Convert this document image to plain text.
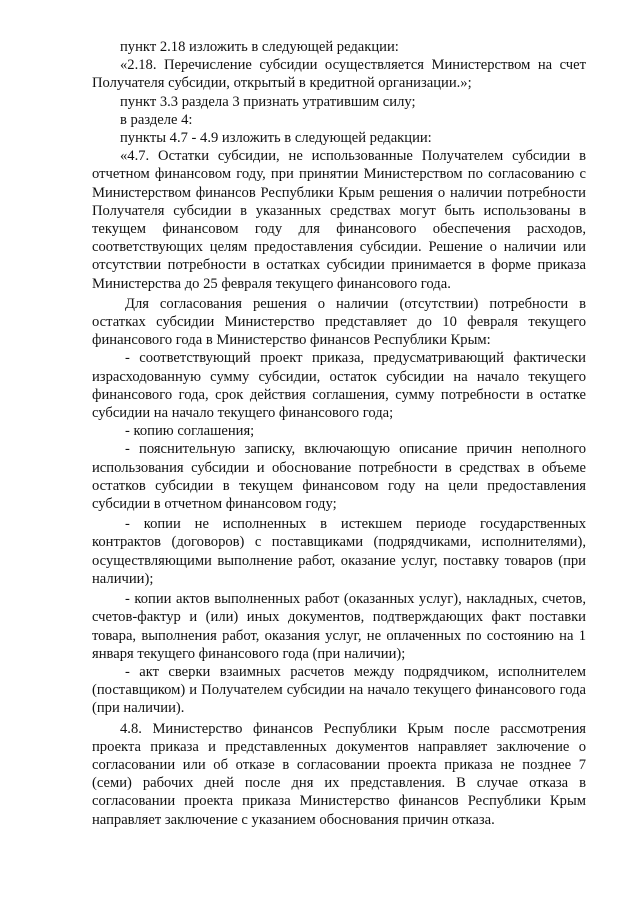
пункт 2.18 изложить в следующей редакции:

«2.18. Перечисление субсидии осуществляется Министерством на счет Получателя субсидии, открытый в кредитной организации.»;

пункт 3.3 раздела 3 признать утратившим силу;

в разделе 4:

пункты 4.7 - 4.9 изложить в следующей редакции:

«4.7. Остатки субсидии, не использованные Получателем субсидии в отчетном финансовом году, при принятии Министерством по согласованию с Министерством финансов Республики Крым решения о наличии потребности Получателя субсидии в указанных средствах могут быть использованы в текущем финансовом году для финансового обеспечения расходов, соответствующих целям предоставления субсидии. Решение о наличии или отсутствии потребности в остатках субсидии принимается в форме приказа Министерства до 25 февраля текущего финансового года.

Для согласования решения о наличии (отсутствии) потребности в остатках субсидии Министерство представляет до 10 февраля текущего финансового года в Министерство финансов Республики Крым:

- соответствующий проект приказа, предусматривающий фактически израсходованную сумму субсидии, остаток субсидии на начало текущего финансового года, срок действия соглашения, сумму потребности в остатке субсидии на начало текущего финансового года;

- копию соглашения;

- пояснительную записку, включающую описание причин неполного использования субсидии и обоснование потребности в средствах в объеме остатков субсидии в текущем финансовом году на цели предоставления субсидии в отчетном финансовом году;

- копии не исполненных в истекшем периоде государственных контрактов (договоров) с поставщиками (подрядчиками, исполнителями), осуществляющими выполнение работ, оказание услуг, поставку товаров (при наличии);

- копии актов выполненных работ (оказанных услуг), накладных, счетов, счетов-фактур и (или) иных документов, подтверждающих факт поставки товара, выполнения работ, оказания услуг, не оплаченных по состоянию на 1 января текущего финансового года (при наличии);

- акт сверки взаимных расчетов между подрядчиком, исполнителем (поставщиком) и Получателем субсидии на начало текущего финансового года (при наличии).

4.8. Министерство финансов Республики Крым после рассмотрения проекта приказа и представленных документов направляет заключение о согласовании или об отказе в согласовании проекта приказа не позднее 7 (семи) рабочих дней после дня их представления. В случае отказа в согласовании проекта приказа Министерство финансов Республики Крым направляет заключение с указанием обоснования причин отказа.
